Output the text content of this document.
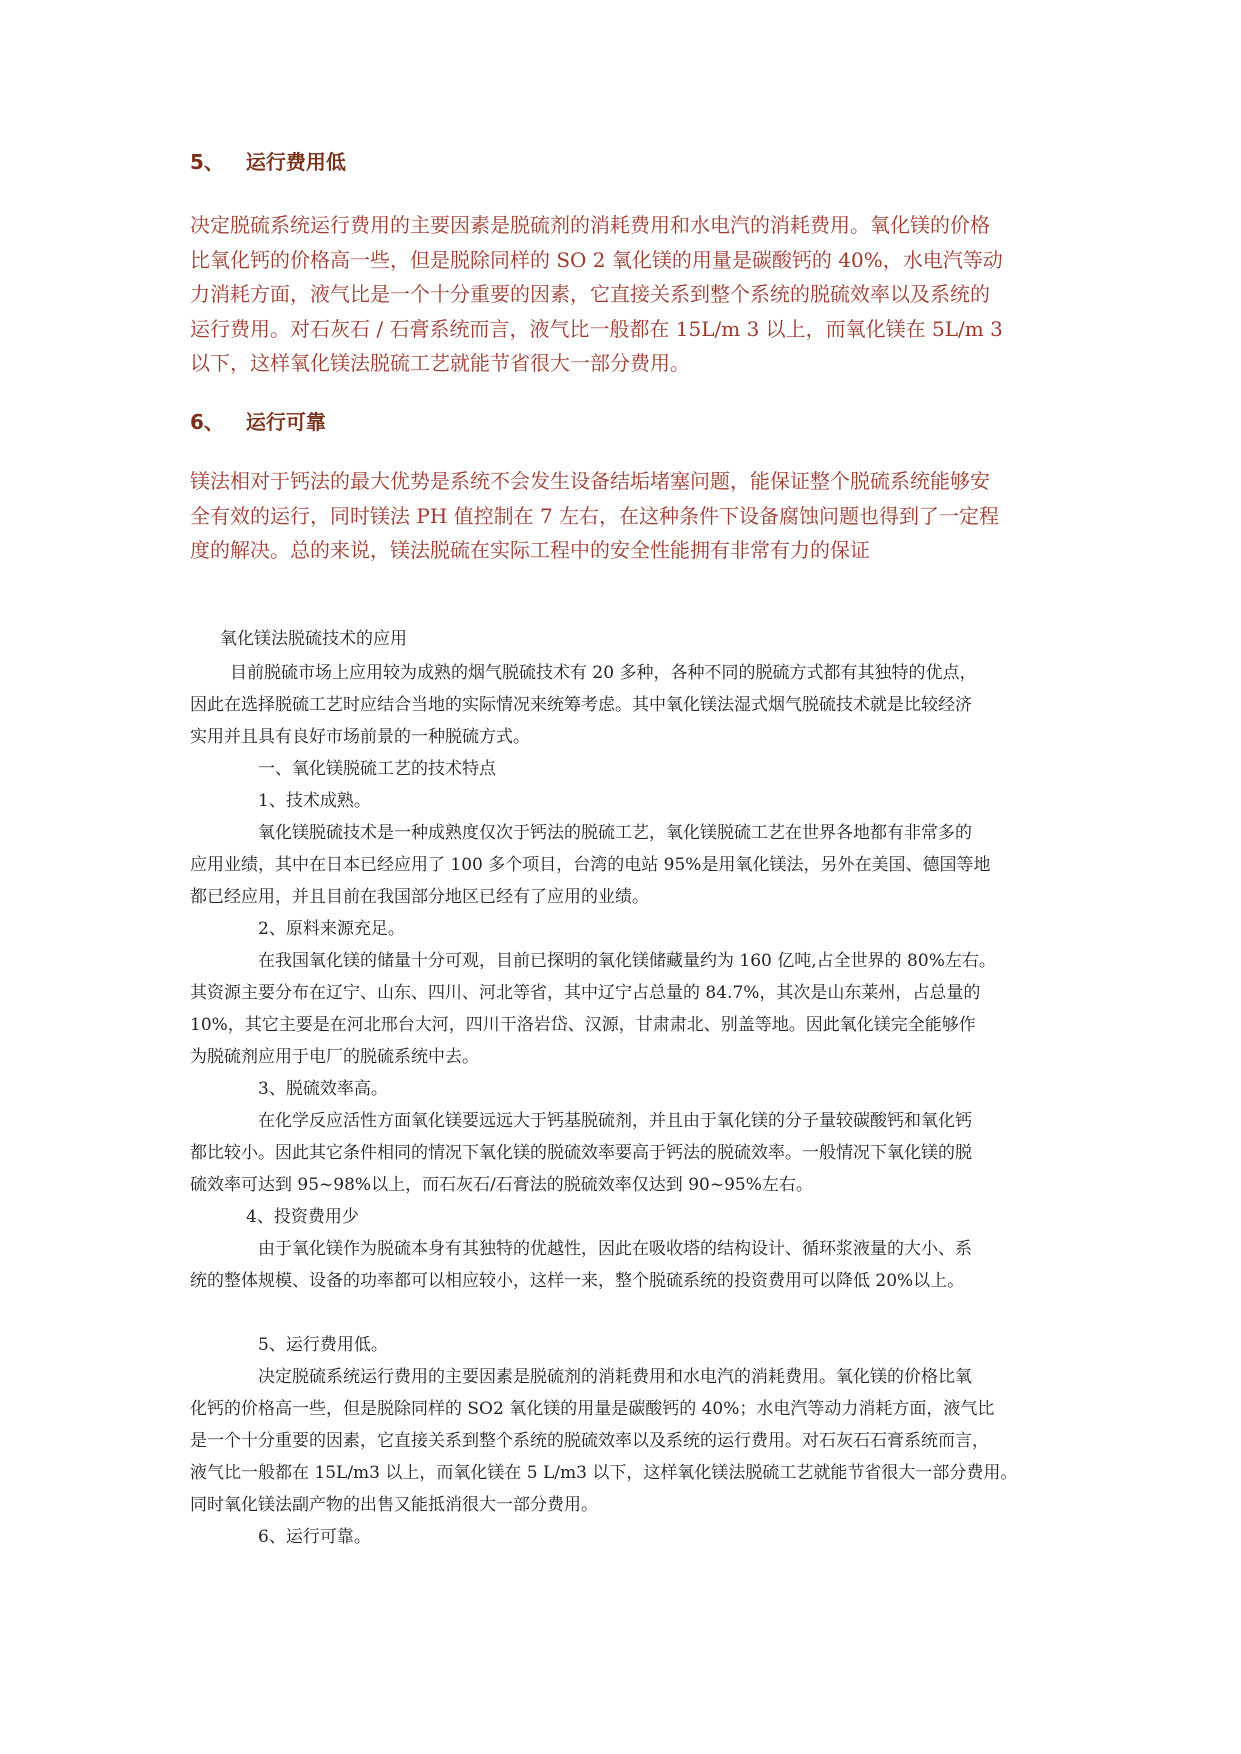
5、 运行费用低

决定脱硫系统运行费用的主要因素是脱硫剂的消耗费用和水电汽的消耗费用。氧化镁的价格
比氧化钙的价格高一些，但是脱除同样的 SO 2 氧化镁的用量是碳酸钙的 40%，水电汽等动
力消耗方面，液气比是一个十分重要的因素，它直接关系到整个系统的脱硫效率以及系统的
运行费用。对石灰石 / 石膏系统而言，液气比一般都在 15L/m 3 以上，而氧化镁在 5L/m 3
以下，这样氧化镁法脱硫工艺就能节省很大一部分费用。

6、 运行可靠

镁法相对于钙法的最大优势是系统不会发生设备结垢堵塞问题，能保证整个脱硫系统能够安
全有效的运行，同时镁法 PH 值控制在 7 左右，在这种条件下设备腐蚀问题也得到了一定程
度的解决。总的来说，镁法脱硫在实际工程中的安全性能拥有非常有力的保证

氧化镁法脱硫技术的应用
目前脱硫市场上应用较为成熟的烟气脱硫技术有 20 多种，各种不同的脱硫方式都有其独特的优点，
因此在选择脱硫工艺时应结合当地的实际情况来统筹考虑。其中氧化镁法湿式烟气脱硫技术就是比较经济
实用并且具有良好市场前景的一种脱硫方式。
一、氧化镁脱硫工艺的技术特点
1、技术成熟。
氧化镁脱硫技术是一种成熟度仅次于钙法的脱硫工艺，氧化镁脱硫工艺在世界各地都有非常多的
应用业绩，其中在日本已经应用了 100 多个项目，台湾的电站 95%是用氧化镁法，另外在美国、德国等地
都已经应用，并且目前在我国部分地区已经有了应用的业绩。
2、原料来源充足。
在我国氧化镁的储量十分可观，目前已探明的氧化镁储藏量约为 160 亿吨,占全世界的 80%左右。
其资源主要分布在辽宁、山东、四川、河北等省，其中辽宁占总量的 84.7%，其次是山东莱州，占总量的
10%，其它主要是在河北邢台大河，四川干洛岩岱、汉源，甘肃肃北、别盖等地。因此氧化镁完全能够作
为脱硫剂应用于电厂的脱硫系统中去。
3、脱硫效率高。
在化学反应活性方面氧化镁要远远大于钙基脱硫剂，并且由于氧化镁的分子量较碳酸钙和氧化钙
都比较小。因此其它条件相同的情况下氧化镁的脱硫效率要高于钙法的脱硫效率。一般情况下氧化镁的脱
硫效率可达到 95~98%以上，而石灰石/石膏法的脱硫效率仅达到 90~95%左右。
4、投资费用少
由于氧化镁作为脱硫本身有其独特的优越性，因此在吸收塔的结构设计、循环浆液量的大小、系
统的整体规模、设备的功率都可以相应较小，这样一来，整个脱硫系统的投资费用可以降低 20%以上。
5、运行费用低。
决定脱硫系统运行费用的主要因素是脱硫剂的消耗费用和水电汽的消耗费用。氧化镁的价格比氧
化钙的价格高一些，但是脱除同样的 SO2 氧化镁的用量是碳酸钙的 40%；水电汽等动力消耗方面，液气比
是一个十分重要的因素，它直接关系到整个系统的脱硫效率以及系统的运行费用。对石灰石石膏系统而言，
液气比一般都在 15L/m3 以上，而氧化镁在 5 L/m3 以下，这样氧化镁法脱硫工艺就能节省很大一部分费用。
同时氧化镁法副产物的出售又能抵消很大一部分费用。
6、运行可靠。
